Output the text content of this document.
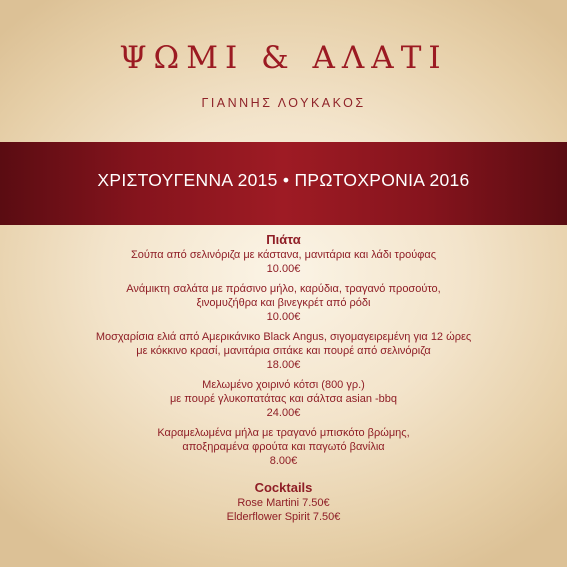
ΨΩΜΙ & ΑΛΑΤΙ

ΓΙΑΝΝΗΣ ΛΟΥΚΑΚΟΣ

ΧΡΙΣΤΟΥΓΕΝΝΑ 2015 • ΠΡΩΤΟΧΡΟΝΙΑ 2016

Πιάτα

Σούπα από σελινόριζα με κάστανα, μανιτάρια και λάδι τρούφας

10.00€

Ανάμικτη σαλάτα με πράσινο μήλο, καρύδια, τραγανό προσούτο,

ξινομυζήθρα και βινεγκρέτ από ρόδι

10.00€

Μοσχαρίσια ελιά από Αμερικάνικο Black Angus, σιγομαγειρεμένη για 12 ώρες

με κόκκινο κρασί, μανιτάρια σιτάκε και πουρέ από σελινόριζα

18.00€

Μελωμένο χοιρινό κότσι (800 γρ.)

με πουρέ γλυκοπατάτας και σάλτσα asian -bbq

24.00€

Καραμελωμένα μήλα με τραγανό μπισκότο βρώμης,

αποξηραμένα φρούτα και παγωτό βανίλια

8.00€

Cocktails

Rose Martini 7.50€

Elderflower Spirit 7.50€
